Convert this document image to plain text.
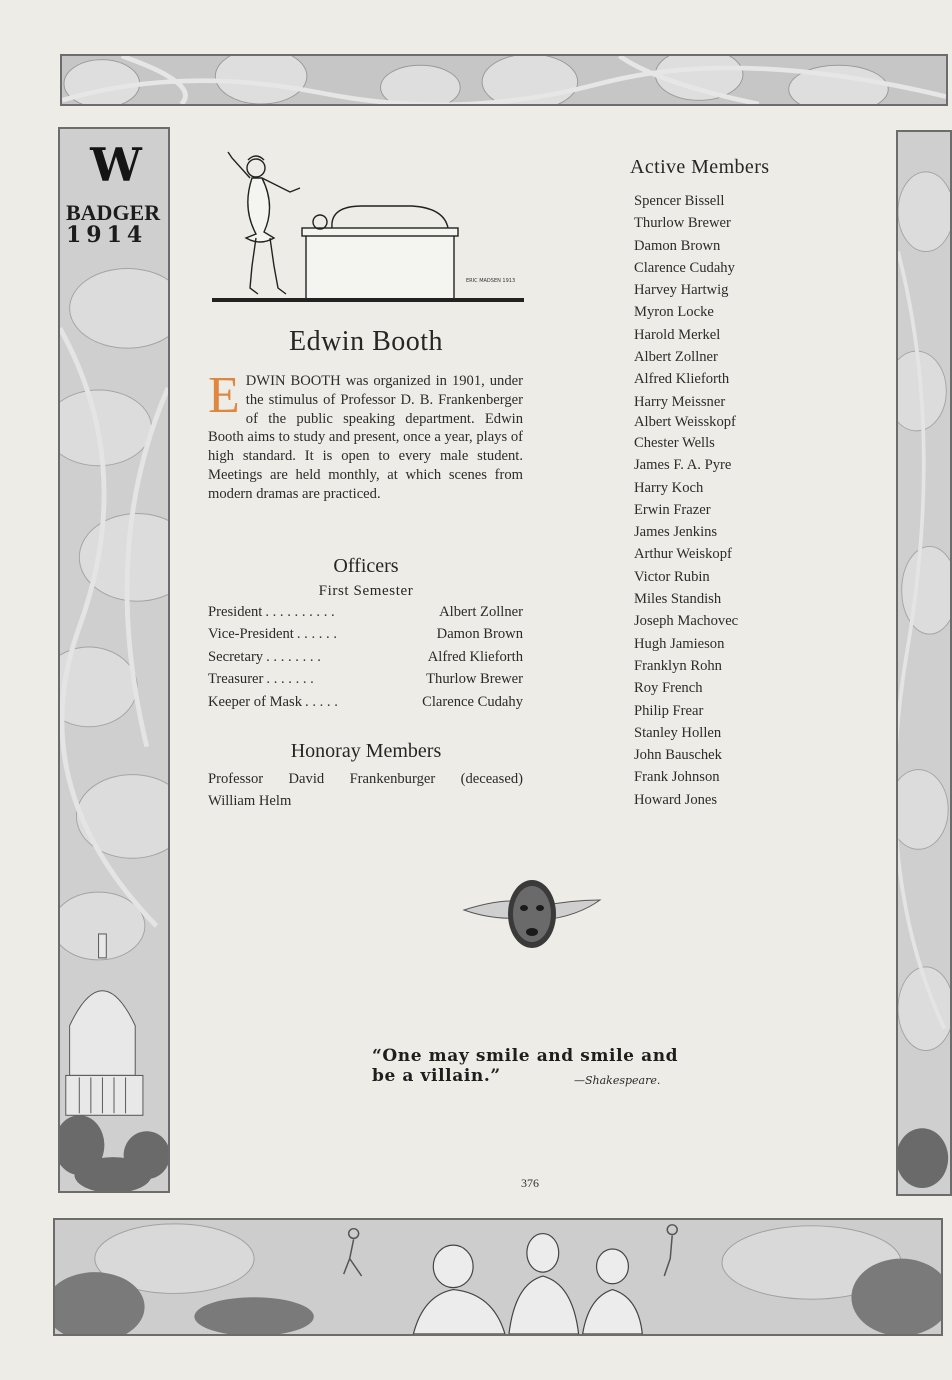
W
BADGER
1914
ERIC MADSEN 1913
Edwin Booth
E DWIN BOOTH was organized in 1901, under the stimulus of Professor D. B. Frankenberger of the public speaking department. Edwin Booth aims to study and present, once a year, plays of high standard. It is open to every male student. Meetings are held monthly, at which scenes from modern dramas are practiced.
Officers
First Semester
President . . . . . . . . . .	Albert Zollner
Vice-President . . . . . .	Damon Brown
Secretary . . . . . . . .	Alfred Klieforth
Treasurer . . . . . . .	Thurlow Brewer
Keeper of Mask . . . . .	Clarence Cudahy
Honoray Members
Professor David Frankenburger (deceased)
William Helm
Active Members
Spencer Bissell
Thurlow Brewer
Damon Brown
Clarence Cudahy
Harvey Hartwig
Myron Locke
Harold Merkel
Albert Zollner
Alfred Klieforth
Harry Meissner
Albert Weisskopf
Chester Wells
James F. A. Pyre
Harry Koch
Erwin Frazer
James Jenkins
Arthur Weiskopf
Victor Rubin
Miles Standish
Joseph Machovec
Hugh Jamieson
Franklyn Rohn
Roy French
Philip Frear
Stanley Hollen
John Bauschek
Frank Johnson
Howard Jones
“One may smile and smile and be a villain.”	—Shakespeare.
376
